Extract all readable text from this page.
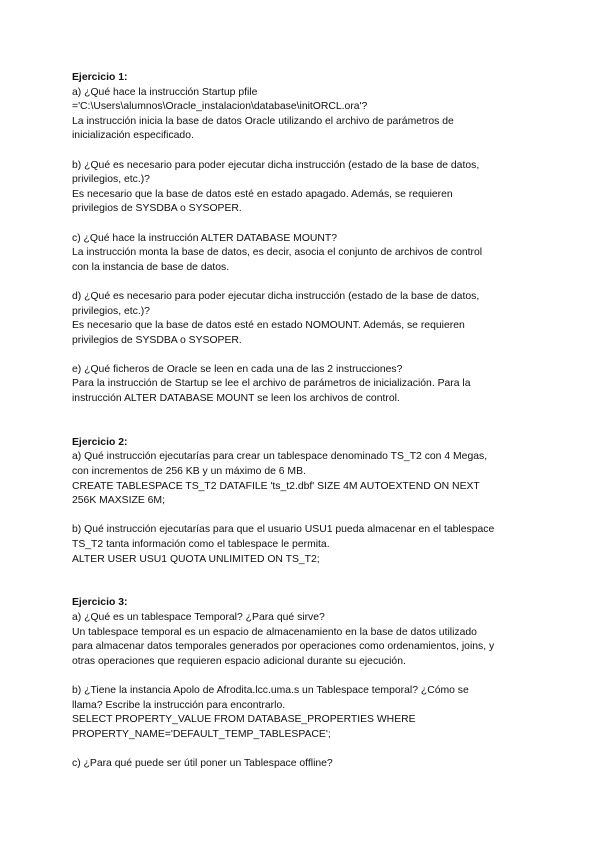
Ejercicio 1:
a) ¿Qué hace la instrucción Startup pfile
='C:\Users\alumnos\Oracle_instalacion\database\initORCL.ora'?
La instrucción inicia la base de datos Oracle utilizando el archivo de parámetros de
inicialización especificado.
b) ¿Qué es necesario para poder ejecutar dicha instrucción (estado de la base de datos,
privilegios, etc.)?
Es necesario que la base de datos esté en estado apagado. Además, se requieren
privilegios de SYSDBA o SYSOPER.
c) ¿Qué hace la instrucción ALTER DATABASE MOUNT?
La instrucción monta la base de datos, es decir, asocia el conjunto de archivos de control
con la instancia de base de datos.
d) ¿Qué es necesario para poder ejecutar dicha instrucción (estado de la base de datos,
privilegios, etc.)?
Es necesario que la base de datos esté en estado NOMOUNT. Además, se requieren
privilegios de SYSDBA o SYSOPER.
e) ¿Qué ficheros de Oracle se leen en cada una de las 2 instrucciones?
Para la instrucción de Startup se lee el archivo de parámetros de inicialización. Para la
instrucción ALTER DATABASE MOUNT se leen los archivos de control.
Ejercicio 2:
a) Qué instrucción ejecutarías para crear un tablespace denominado TS_T2 con 4 Megas,
con incrementos de 256 KB y un máximo de 6 MB.
CREATE TABLESPACE TS_T2 DATAFILE 'ts_t2.dbf' SIZE 4M AUTOEXTEND ON NEXT
256K MAXSIZE 6M;
b) Qué instrucción ejecutarías para que el usuario USU1 pueda almacenar en el tablespace
TS_T2 tanta información como el tablespace le permita.
ALTER USER USU1 QUOTA UNLIMITED ON TS_T2;
Ejercicio 3:
a) ¿Qué es un tablespace Temporal? ¿Para qué sirve?
Un tablespace temporal es un espacio de almacenamiento en la base de datos utilizado
para almacenar datos temporales generados por operaciones como ordenamientos, joins, y
otras operaciones que requieren espacio adicional durante su ejecución.
b) ¿Tiene la instancia Apolo de Afrodita.lcc.uma.s un Tablespace temporal? ¿Cómo se
llama? Escribe la instrucción para encontrarlo.
SELECT PROPERTY_VALUE FROM DATABASE_PROPERTIES WHERE
PROPERTY_NAME='DEFAULT_TEMP_TABLESPACE';
c) ¿Para qué puede ser útil poner un Tablespace offline?
